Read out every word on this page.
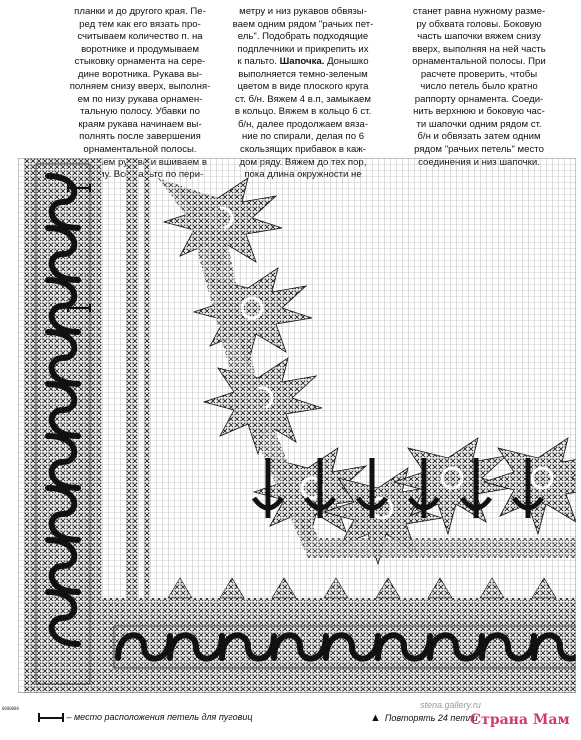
планки и до другого края. Пе-
ред тем как его вязать про-
считываем количество п. на
воротнике и продумываем
стыковку орнамента на сере-
дине воротника. Рукава вы-
полняем снизу вверх, выполня-
ем по низу рукава орнамен-
тальную полосу. Убавки по
краям рукава начинаем вы-
полнять после завершения
орнаментальной полосы.
метру и низ рукавов обвязы-
ваем одним рядом "рачьих пет-
ель". Подобрать подходящие
подплечники и прикрепить их
к пальто. Шапочка. Донышко
выполняется темно-зеленым
цветом в виде плоского круга
ст. б/н. Вяжем 4 в.п, замыкаем
в кольцо. Вяжем в кольцо 6 ст.
б/н, далее продолжаем вяза-
ние по спирали, делая по 6
скользящих прибавок в каж-
станет равна нужному разме-
ру обхвата головы. Боковую
часть шапочки вяжем снизу
вверх, выполняя на ней часть
орнаментальной полосы. При
расчете проверить, чтобы
число петель было кратно
раппорту орнамента. Соеди-
нить верхнюю и боковую час-
ти шапочки одним рядом ст.
б/н и обвязать затем одним
рядом "рачьих петель" место
– место расположения петель для пуговиц	▲ Повторять 24 петли
stena.gallery.ru
Страна Мам
0000000
